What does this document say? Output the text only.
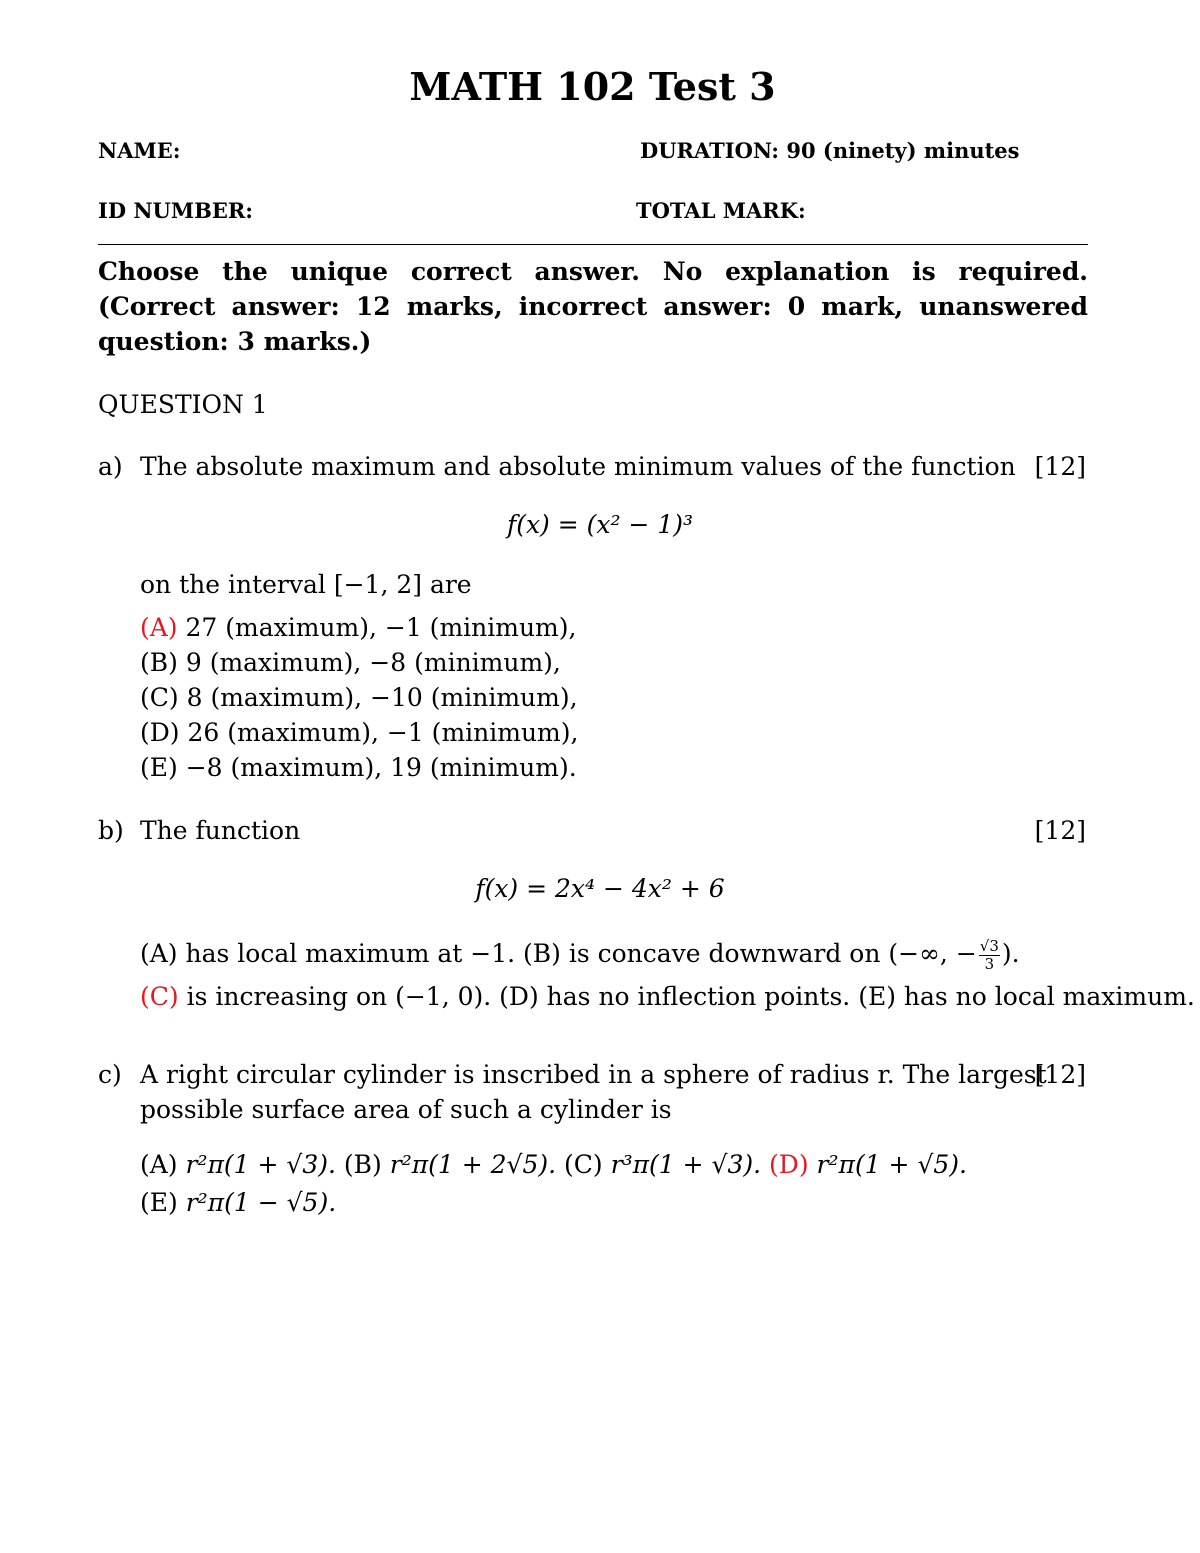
MATH 102 Test 3
NAME:	DURATION: 90 (ninety) minutes
ID NUMBER:	TOTAL MARK:
Choose the unique correct answer. No explanation is required. (Correct answer: 12 marks, incorrect answer: 0 mark, unanswered question: 3 marks.)
QUESTION 1
a) The absolute maximum and absolute minimum values of the function [12]
f(x) = (x² − 1)³
on the interval [−1, 2] are
(A) 27 (maximum), −1 (minimum),
(B) 9 (maximum), −8 (minimum),
(C) 8 (maximum), −10 (minimum),
(D) 26 (maximum), −1 (minimum),
(E) −8 (maximum), 19 (minimum).
b) The function	[12]
f(x) = 2x⁴ − 4x² + 6
(A) has local maximum at −1. (B) is concave downward on (−∞, − $\frac{√3}{3}$ ).
(C) is increasing on (−1, 0). (D) has no inflection points. (E) has no local maximum.
c) A right circular cylinder is inscribed in a sphere of radius r. The largest
[12]
possible surface area of such a cylinder is
(A) r²π(1 + √3). (B) r²π(1 + 2√5). (C) r³π(1 + √3). (D) r²π(1 + √5).
(E) r²π(1 − √5).
